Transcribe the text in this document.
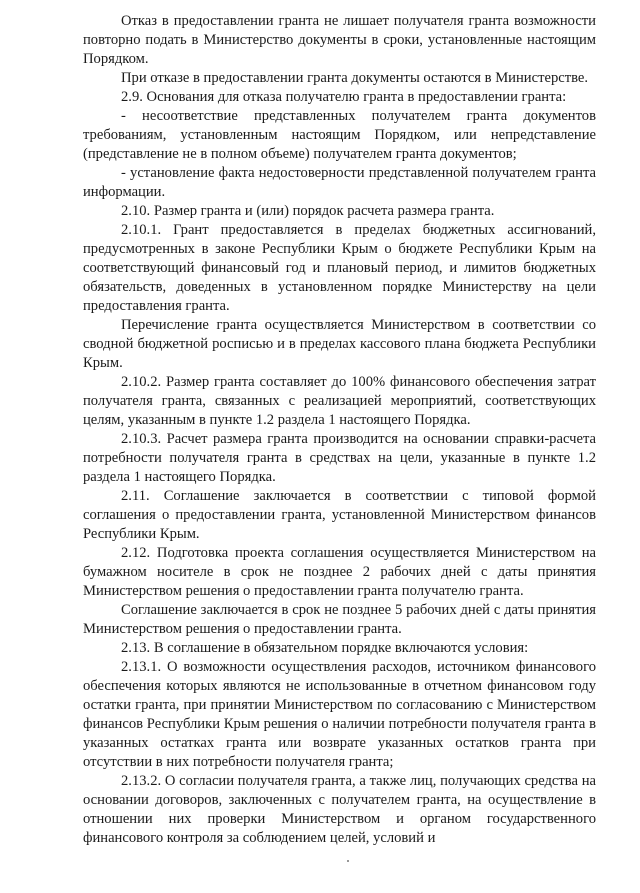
Отказ в предоставлении гранта не лишает получателя гранта возможности повторно подать в Министерство документы в сроки, установленные настоящим Порядком.

При отказе в предоставлении гранта документы остаются в Министерстве.

2.9. Основания для отказа получателю гранта в предоставлении гранта:

- несоответствие представленных получателем гранта документов требованиям, установленным настоящим Порядком, или непредставление (представление не в полном объеме) получателем гранта документов;

- установление факта недостоверности представленной получателем гранта информации.

2.10. Размер гранта и (или) порядок расчета размера гранта.

2.10.1. Грант предоставляется в пределах бюджетных ассигнований, предусмотренных в законе Республики Крым о бюджете Республики Крым на соответствующий финансовый год и плановый период, и лимитов бюджетных обязательств, доведенных в установленном порядке Министерству на цели предоставления гранта.

Перечисление гранта осуществляется Министерством в соответствии со сводной бюджетной росписью и в пределах кассового плана бюджета Республики Крым.

2.10.2. Размер гранта составляет до 100% финансового обеспечения затрат получателя гранта, связанных с реализацией мероприятий, соответствующих целям, указанным в пункте 1.2 раздела 1 настоящего Порядка.

2.10.3. Расчет размера гранта производится на основании справки-расчета потребности получателя гранта в средствах на цели, указанные в пункте 1.2 раздела 1 настоящего Порядка.

2.11. Соглашение заключается в соответствии с типовой формой соглашения о предоставлении гранта, установленной Министерством финансов Республики Крым.

2.12. Подготовка проекта соглашения осуществляется Министерством на бумажном носителе в срок не позднее 2 рабочих дней с даты принятия Министерством решения о предоставлении гранта получателю гранта.

Соглашение заключается в срок не позднее 5 рабочих дней с даты принятия Министерством решения о предоставлении гранта.

2.13. В соглашение в обязательном порядке включаются условия:

2.13.1. О возможности осуществления расходов, источником финансового обеспечения которых являются не использованные в отчетном финансовом году остатки гранта, при принятии Министерством по согласованию с Министерством финансов Республики Крым решения о наличии потребности получателя гранта в указанных остатках гранта или возврате указанных остатков гранта при отсутствии в них потребности получателя гранта;

2.13.2. О согласии получателя гранта, а также лиц, получающих средства на основании договоров, заключенных с получателем гранта, на осуществление в отношении них проверки Министерством и органом государственного финансового контроля за соблюдением целей, условий и
